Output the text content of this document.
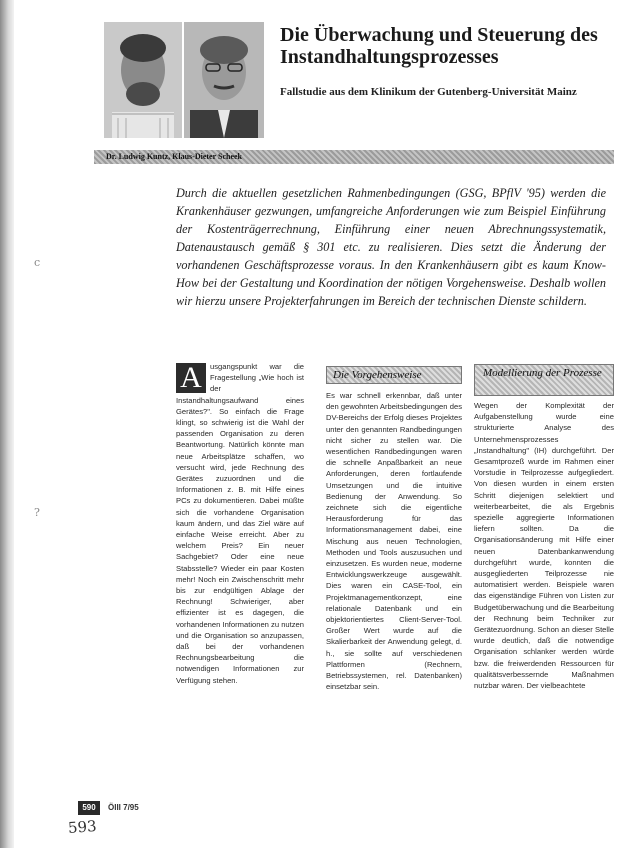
c
?
Die Überwachung und Steuerung des Instandhaltungsprozesses
Fallstudie aus dem Klinikum der Gutenberg-Universität Mainz
Dr. Ludwig Kuntz, Klaus-Dieter Scheek

Durch die aktuellen gesetzlichen Rahmenbedingungen (GSG, BPflV '95) werden die Krankenhäuser gezwungen, umfangreiche Anforderungen wie zum Beispiel Einführung der Kostenträgerrechnung, Einführung einer neuen Abrechnungssystematik, Datenaustausch gemäß § 301 etc. zu realisieren. Dies setzt die Änderung der vorhandenen Geschäftsprozesse voraus. In den Krankenhäusern gibt es kaum Know-How bei der Gestaltung und Koordination der nötigen Vorgehensweise. Deshalb wollen wir hierzu unsere Projekterfahrungen im Bereich der technischen Dienste schildern.

A	usgangspunkt war die Fragestellung „Wie hoch ist der Instandhaltungsaufwand eines Gerätes?". So einfach die Frage klingt, so schwierig ist die Wahl der passenden Organisation zu deren Beantwortung. Natürlich könnte man neue Arbeitsplätze schaffen, wo versucht wird, jede Rechnung des Gerätes zuzuordnen und die Informationen z. B. mit Hilfe eines PCs zu dokumentieren. Dabei müßte sich die vorhandene Organisation kaum ändern, und das Ziel wäre auf einfache Weise erreicht. Aber zu welchem Preis? Ein neuer Sachgebiet? Oder eine neue Stabsstelle? Wieder ein paar Kosten mehr! Noch ein Zwischenschritt mehr bis zur endgültigen Ablage der Rechnung! Schwieriger, aber effizienter ist es dagegen, die vorhandenen Informationen zu nutzen und die Organisation so anzupassen, daß bei der vorhandenen Rechnungsbearbeitung die notwendigen Informationen zur Verfügung stehen.
Die Vorgehensweise
Es war schnell erkennbar, daß unter den gewohnten Arbeitsbedingungen des DV-Bereichs der Erfolg dieses Projektes unter den genannten Randbedingungen nicht sicher zu stellen war. Die wesentlichen Randbedingungen waren die schnelle Anpaßbarkeit an neue Anforderungen, deren fortlaufende Umsetzungen und die intuitive Bedienung der Anwendung. So zeichnete sich die eigentliche Herausforderung für das Informationsmanagement dabei, eine Mischung aus neuen Technologien, Methoden und Tools auszusuchen und einzusetzen. Es wurden neue, moderne Entwicklungswerkzeuge ausgewählt. Dies waren ein CASE-Tool, ein Projektmanagementkonzept, eine relationale Datenbank und ein objektorientiertes Client-Server-Tool. Großer Wert wurde auf die Skalierbarkeit der Anwendung gelegt, d. h., sie sollte auf verschiedenen Plattformen (Rechnern, Betriebssystemen, rel. Datenbanken) einsetzbar sein.
Modellierung der Prozesse
Wegen der Komplexität der Aufgabenstellung wurde eine strukturierte Analyse des Unternehmensprozesses „Instandhaltung" (IH) durchgeführt. Der Gesamtprozeß wurde im Rahmen einer Vorstudie in Teilprozesse aufgegliedert. Von diesen wurden in einem ersten Schritt diejenigen selektiert und weiterbearbeitet, die als Ergebnis spezielle aggregierte Informationen liefern sollten. Da die Organisationsänderung mit Hilfe einer neuen Datenbankanwendung durchgeführt wurde, konnten die ausgegliederten Teilprozesse nie automatisiert werden. Beispiele waren das eigenständige Führen von Listen zur Budgetüberwachung und die Bearbeitung der Rechnung beim Techniker zur Gerätezuordnung. Schon an dieser Stelle wurde deutlich, daß die notwendige Organisation schlanker werden würde bzw. die freiwerdenden Ressourcen für qualitätsverbessernde Maßnahmen nutzbar wären. Der vielbeachtete
590	ÖIII 7/95
593
